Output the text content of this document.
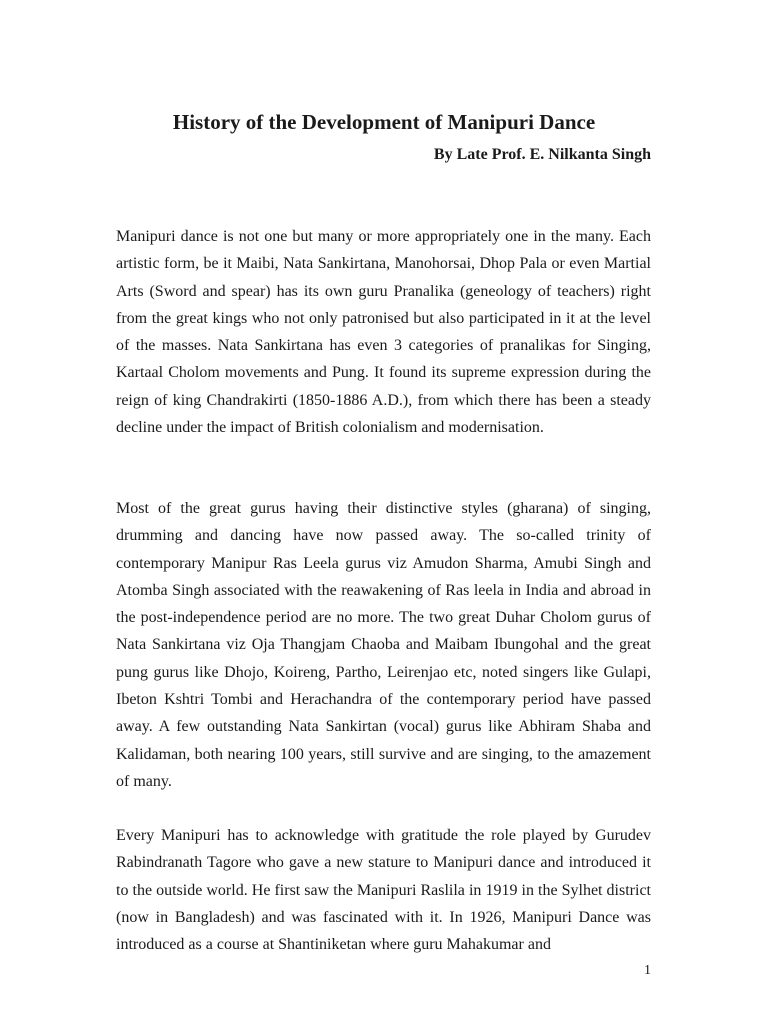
History of the Development of Manipuri Dance

By Late Prof. E. Nilkanta Singh

Manipuri dance is not one but many or more appropriately one in the many. Each artistic form, be it Maibi, Nata Sankirtana, Manohorsai, Dhop Pala or even Martial Arts (Sword and spear) has its own guru Pranalika (geneology of teachers) right from the great kings who not only patronised but also participated in it at the level of the masses. Nata Sankirtana has even 3 categories of pranalikas for Singing, Kartaal Cholom movements and Pung. It found its supreme expression during the reign of king Chandrakirti (1850-1886 A.D.), from which there has been a steady decline under the impact of British colonialism and modernisation.

Most of the great gurus having their distinctive styles (gharana) of singing, drumming and dancing have now passed away. The so-called trinity of contemporary Manipur Ras Leela gurus viz Amudon Sharma, Amubi Singh and Atomba Singh associated with the reawakening of Ras leela in India and abroad in the post-independence period are no more. The two great Duhar Cholom gurus of Nata Sankirtana viz Oja Thangjam Chaoba and Maibam Ibungohal and the great pung gurus like Dhojo, Koireng, Partho, Leirenjao etc, noted singers like Gulapi, Ibeton Kshtri Tombi and Herachandra of the contemporary period have passed away. A few outstanding Nata Sankirtan (vocal) gurus like Abhiram Shaba and Kalidaman, both nearing 100 years, still survive and are singing, to the amazement of many.

Every Manipuri has to acknowledge with gratitude the role played by Gurudev Rabindranath Tagore who gave a new stature to Manipuri dance and introduced it to the outside world. He first saw the Manipuri Raslila in 1919 in the Sylhet district (now in Bangladesh) and was fascinated with it. In 1926, Manipuri Dance was introduced as a course at Shantiniketan where guru Mahakumar and

1
